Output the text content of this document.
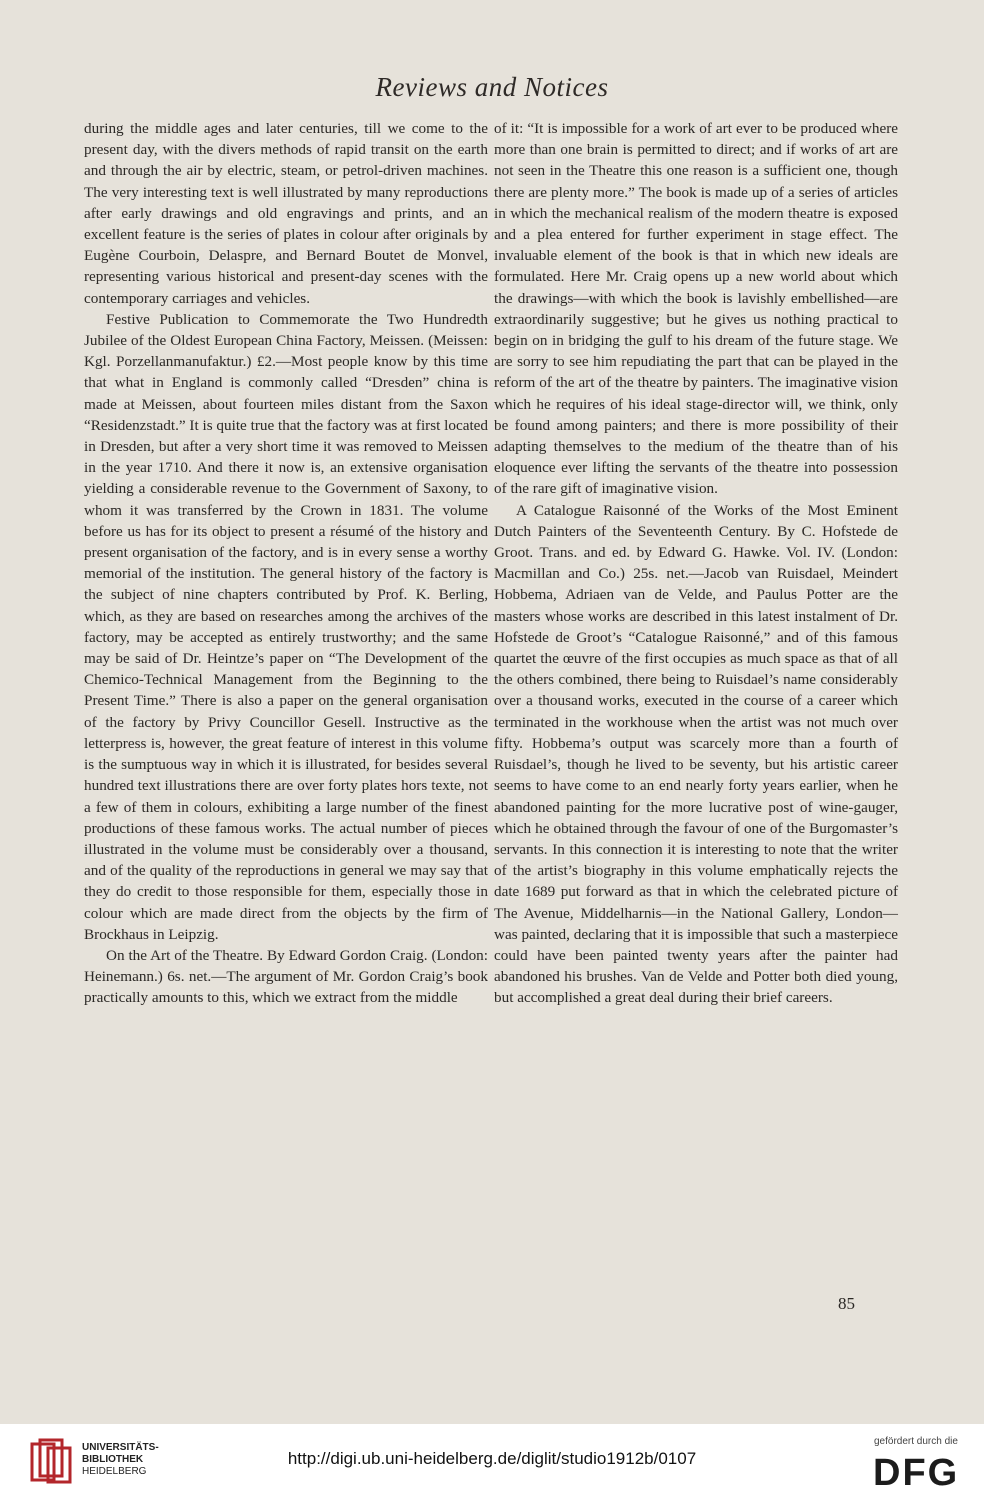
Reviews and Notices

during the middle ages and later centuries, till we come to the present day, with the divers methods of rapid transit on the earth and through the air by electric, steam, or petrol-driven machines. The very interesting text is well illustrated by many reproductions after early drawings and old engravings and prints, and an excellent feature is the series of plates in colour after originals by Eugène Courboin, Delaspre, and Bernard Boutet de Monvel, representing various historical and present-day scenes with the contemporary carriages and vehicles.

Festive Publication to Commemorate the Two Hundredth Jubilee of the Oldest European China Factory, Meissen. (Meissen: Kgl. Porzellanmanufaktur.) £2.—Most people know by this time that what in England is commonly called “Dresden” china is made at Meissen, about fourteen miles distant from the Saxon “Residenzstadt.” It is quite true that the factory was at first located in Dresden, but after a very short time it was removed to Meissen in the year 1710. And there it now is, an extensive organisation yielding a considerable revenue to the Government of Saxony, to whom it was transferred by the Crown in 1831. The volume before us has for its object to present a résumé of the history and present organisation of the factory, and is in every sense a worthy memorial of the institution. The general history of the factory is the subject of nine chapters contributed by Prof. K. Berling, which, as they are based on researches among the archives of the factory, may be accepted as entirely trustworthy; and the same may be said of Dr. Heintze’s paper on “The Development of the Chemico-Technical Management from the Beginning to the Present Time.” There is also a paper on the general organisation of the factory by Privy Councillor Gesell. Instructive as the letterpress is, however, the great feature of interest in this volume is the sumptuous way in which it is illustrated, for besides several hundred text illustrations there are over forty plates hors texte, not a few of them in colours, exhibiting a large number of the finest productions of these famous works. The actual number of pieces illustrated in the volume must be considerably over a thousand, and of the quality of the reproductions in general we may say that they do credit to those responsible for them, especially those in colour which are made direct from the objects by the firm of Brockhaus in Leipzig.

On the Art of the Theatre. By Edward Gordon Craig. (London: Heinemann.) 6s. net.—The argument of Mr. Gordon Craig’s book practically amounts to this, which we extract from the middle

of it: “It is impossible for a work of art ever to be produced where more than one brain is permitted to direct; and if works of art are not seen in the Theatre this one reason is a sufficient one, though there are plenty more.” The book is made up of a series of articles in which the mechanical realism of the modern theatre is exposed and a plea entered for further experiment in stage effect. The invaluable element of the book is that in which new ideals are formulated. Here Mr. Craig opens up a new world about which the drawings—with which the book is lavishly embellished—are extraordinarily suggestive; but he gives us nothing practical to begin on in bridging the gulf to his dream of the future stage. We are sorry to see him repudiating the part that can be played in the reform of the art of the theatre by painters. The imaginative vision which he requires of his ideal stage-director will, we think, only be found among painters; and there is more possibility of their adapting themselves to the medium of the theatre than of his eloquence ever lifting the servants of the theatre into possession of the rare gift of imaginative vision.

A Catalogue Raisonné of the Works of the Most Eminent Dutch Painters of the Seventeenth Century. By C. Hofstede de Groot. Trans. and ed. by Edward G. Hawke. Vol. IV. (London: Macmillan and Co.) 25s. net.—Jacob van Ruisdael, Meindert Hobbema, Adriaen van de Velde, and Paulus Potter are the masters whose works are described in this latest instalment of Dr. Hofstede de Groot’s “Catalogue Raisonné,” and of this famous quartet the œuvre of the first occupies as much space as that of all the others combined, there being to Ruisdael’s name considerably over a thousand works, executed in the course of a career which terminated in the workhouse when the artist was not much over fifty. Hobbema’s output was scarcely more than a fourth of Ruisdael’s, though he lived to be seventy, but his artistic career seems to have come to an end nearly forty years earlier, when he abandoned painting for the more lucrative post of wine-gauger, which he obtained through the favour of one of the Burgomaster’s servants. In this connection it is interesting to note that the writer of the artist’s biography in this volume emphatically rejects the date 1689 put forward as that in which the celebrated picture of The Avenue, Middelharnis—in the National Gallery, London—was painted, declaring that it is impossible that such a masterpiece could have been painted twenty years after the painter had abandoned his brushes. Van de Velde and Potter both died young, but accomplished a great deal during their brief careers.

85
UNIVERSITÄTS-
BIBLIOTHEK
HEIDELBERG
http://digi.ub.uni-heidelberg.de/diglit/studio1912b/0107
gefördert durch die
DFG
